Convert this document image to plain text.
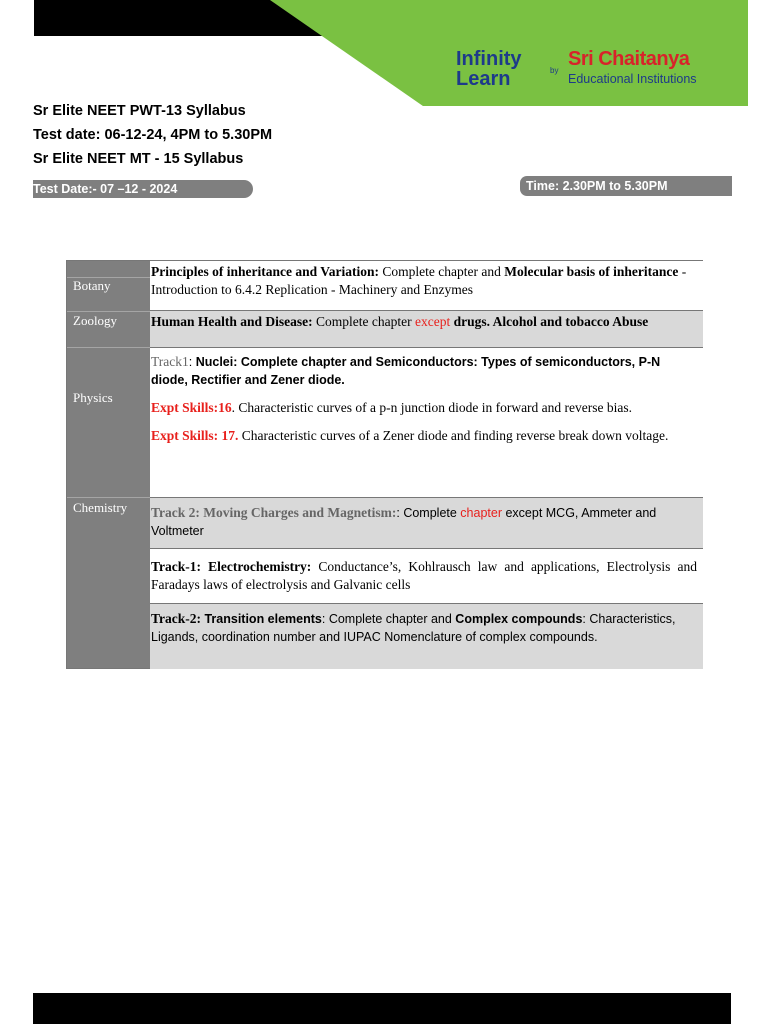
Infinity
Learn	by
Sri Chaitanya
Educational Institutions
Sr Elite NEET PWT-13 Syllabus
Test date: 06-12-24, 4PM to 5.30PM
Sr Elite NEET MT - 15 Syllabus
Test Date:- 07 –12 - 2024	Time: 2.30PM to 5.30PM
Botany
Zoology
Physics
Chemistry
Principles of inheritance and Variation: Complete chapter and Molecular basis of inheritance - Introduction to 6.4.2 Replication - Machinery and Enzymes
Human Health and Disease: Complete chapter except drugs. Alcohol and tobacco Abuse

Track1: Nuclei: Complete chapter and Semiconductors: Types of semiconductors, P-N diode, Rectifier and Zener diode.

Expt Skills:16. Characteristic curves of a p-n junction diode in forward and reverse bias.

Expt Skills: 17. Characteristic curves of a Zener diode and finding reverse break down voltage.

Track 2: Moving Charges and Magnetism:: Complete chapter except MCG, Ammeter and Voltmeter
Track-1: Electrochemistry: Conductance’s, Kohlrausch law and applications, Electrolysis and Faradays laws of electrolysis and Galvanic cells
Track-2: Transition elements: Complete chapter and Complex compounds: Characteristics, Ligands, coordination number and IUPAC Nomenclature of complex compounds.
